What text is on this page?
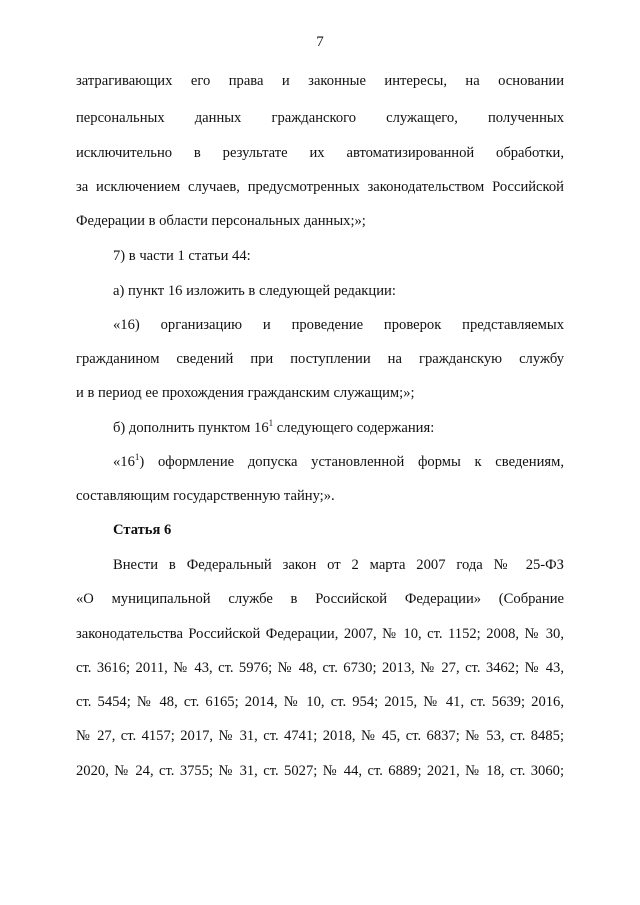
7
затрагивающих его права и законные интересы, на основании
персональных данных гражданского служащего, полученных
исключительно в результате их автоматизированной обработки,
за исключением случаев, предусмотренных законодательством Российской
Федерации в области персональных данных;»;
7) в части 1 статьи 44:
а) пункт 16 изложить в следующей редакции:
«16) организацию и проведение проверок представляемых
гражданином сведений при поступлении на гражданскую службу
и в период ее прохождения гражданским служащим;»;
б) дополнить пунктом $16^1$ следующего содержания:
«$16^1$) оформление допуска установленной формы к сведениям,
составляющим государственную тайну;».
Статья 6
Внести в Федеральный закон от 2 марта 2007 года № 25-ФЗ
«О муниципальной службе в Российской Федерации» (Собрание
законодательства Российской Федерации, 2007, № 10, ст. 1152; 2008, № 30,
ст. 3616; 2011, № 43, ст. 5976; № 48, ст. 6730; 2013, № 27, ст. 3462; № 43,
ст. 5454; № 48, ст. 6165; 2014, № 10, ст. 954; 2015, № 41, ст. 5639; 2016,
№ 27, ст. 4157; 2017, № 31, ст. 4741; 2018, № 45, ст. 6837; № 53, ст. 8485;
2020, № 24, ст. 3755; № 31, ст. 5027; № 44, ст. 6889; 2021, № 18, ст. 3060;
